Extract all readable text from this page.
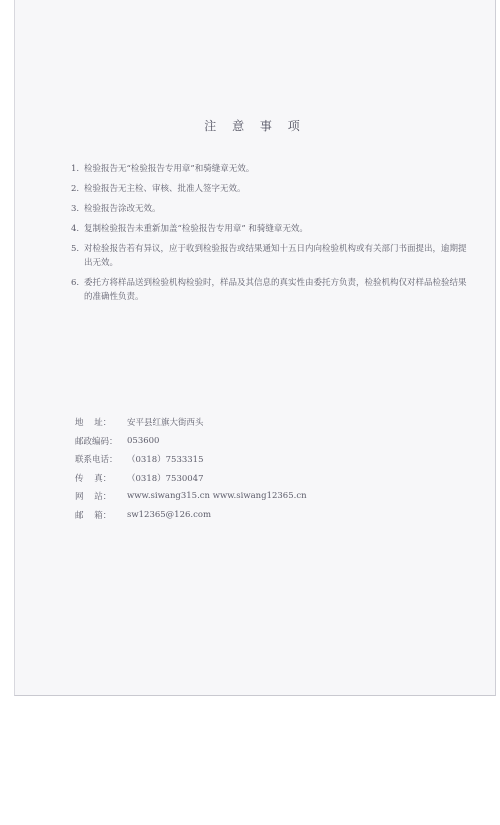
注 意 事 项
1. 检验报告无“检验报告专用章”和骑缝章无效。
2. 检验报告无主检、审核、批准人签字无效。
3. 检验报告涂改无效。
4. 复制检验报告未重新加盖“检验报告专用章” 和骑缝章无效。
5. 对检验报告若有异议，应于收到检验报告或结果通知十五日内向检验机构或有关部门书面提出，逾期提出无效。
6. 委托方将样品送到检验机构检验时，样品及其信息的真实性由委托方负责，检验机构仅对样品检验结果的准确性负责。
地    址：	安平县红旗大街西头
邮政编码：	053600
联系电话：	（0318）7533315
传    真：	（0318）7530047
网    站：	www.siwang315.cn www.siwang12365.cn
邮    箱：	sw12365@126.com
